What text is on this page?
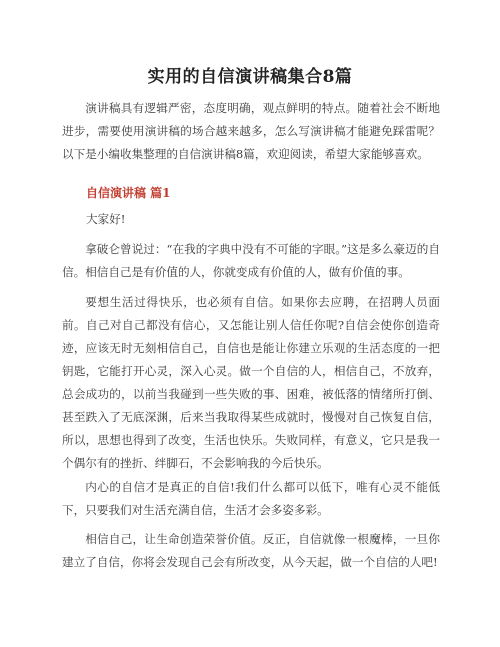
实用的自信演讲稿集合8篇

演讲稿具有逻辑严密，态度明确，观点鲜明的特点。随着社会不断地进步，需要使用演讲稿的场合越来越多，怎么写演讲稿才能避免踩雷呢？以下是小编收集整理的自信演讲稿8篇，欢迎阅读，希望大家能够喜欢。

自信演讲稿 篇1
大家好!

拿破仑曾说过：“在我的字典中没有不可能的字眼。”这是多么豪迈的自信。相信自己是有价值的人，你就变成有价值的人，做有价值的事。

要想生活过得快乐，也必须有自信。如果你去应聘，在招聘人员面前。自己对自己都没有信心，又怎能让别人信任你呢?自信会使你创造奇迹，应该无时无刻相信自己，自信也是能让你建立乐观的生活态度的一把钥匙，它能打开心灵，深入心灵。做一个自信的人，相信自己，不放弃，总会成功的，以前当我碰到一些失败的事、困难，被低落的情绪所打倒、甚至跌入了无底深渊，后来当我取得某些成就时，慢慢对自己恢复自信，所以，思想也得到了改变，生活也快乐。失败同样，有意义，它只是我一个偶尔有的挫折、绊脚石，不会影响我的今后快乐。

内心的自信才是真正的自信!我们什么都可以低下，唯有心灵不能低下，只要我们对生活充满自信，生活才会多姿多彩。

相信自己，让生命创造荣誉价值。反正，自信就像一根魔棒，一旦你建立了自信，你将会发现自己会有所改变，从今天起，做一个自信的人吧!
